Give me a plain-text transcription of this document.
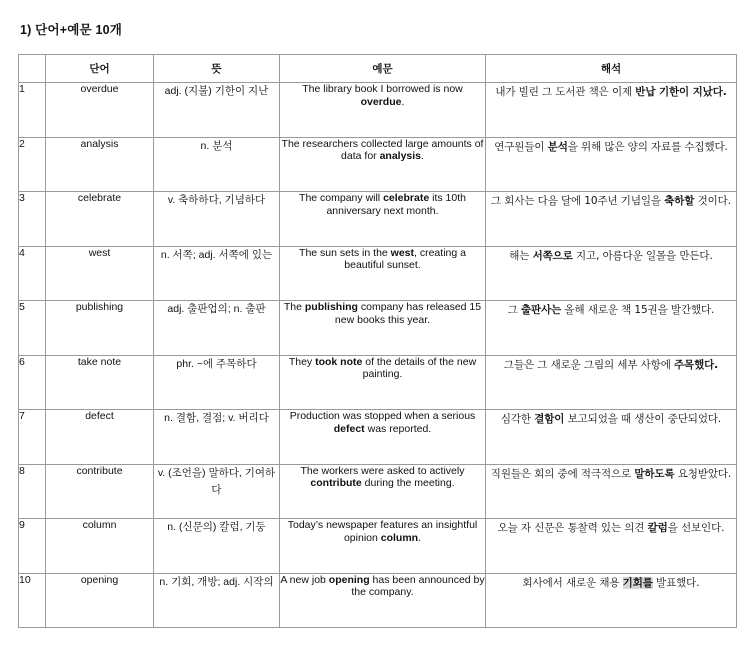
1) 단어+예문 10개
	단어	뜻	예문	해석
1	overdue	adj. (지불) 기한이 지난	The library book I borrowed is now overdue.	내가 빌린 그 도서관 책은 이제 반납 기한이 지났다.
2	analysis	n. 분석	The researchers collected large amounts of data for analysis.	연구원들이 분석을 위해 많은 양의 자료를 수집했다.
3	celebrate	v. 축하하다, 기념하다	The company will celebrate its 10th anniversary next month.	그 회사는 다음 달에 10주년 기념일을 축하할 것이다.
4	west	n. 서쪽; adj. 서쪽에 있는	The sun sets in the west, creating a beautiful sunset.	해는 서쪽으로 지고, 아름다운 일몰을 만든다.
5	publishing	adj. 출판업의; n. 출판	The publishing company has released 15 new books this year.	그 출판사는 올해 새로운 책 15권을 발간했다.
6	take note	phr. ~에 주목하다	They took note of the details of the new painting.	그들은 그 새로운 그림의 세부 사항에 주목했다.
7	defect	n. 결함, 결점; v. 버리다	Production was stopped when a serious defect was reported.	심각한 결함이 보고되었을 때 생산이 중단되었다.
8	contribute	v. (조언을) 말하다, 기여하다	The workers were asked to actively contribute during the meeting.	직원들은 회의 중에 적극적으로 말하도록 요청받았다.
9	column	n. (신문의) 칼럼, 기둥	Today’s newspaper features an insightful opinion column.	오늘 자 신문은 통찰력 있는 의견 칼럼을 선보인다.
10	opening	n. 기회, 개방; adj. 시작의	A new job opening has been announced by the company.	회사에서 새로운 채용 기회를 발표했다.
